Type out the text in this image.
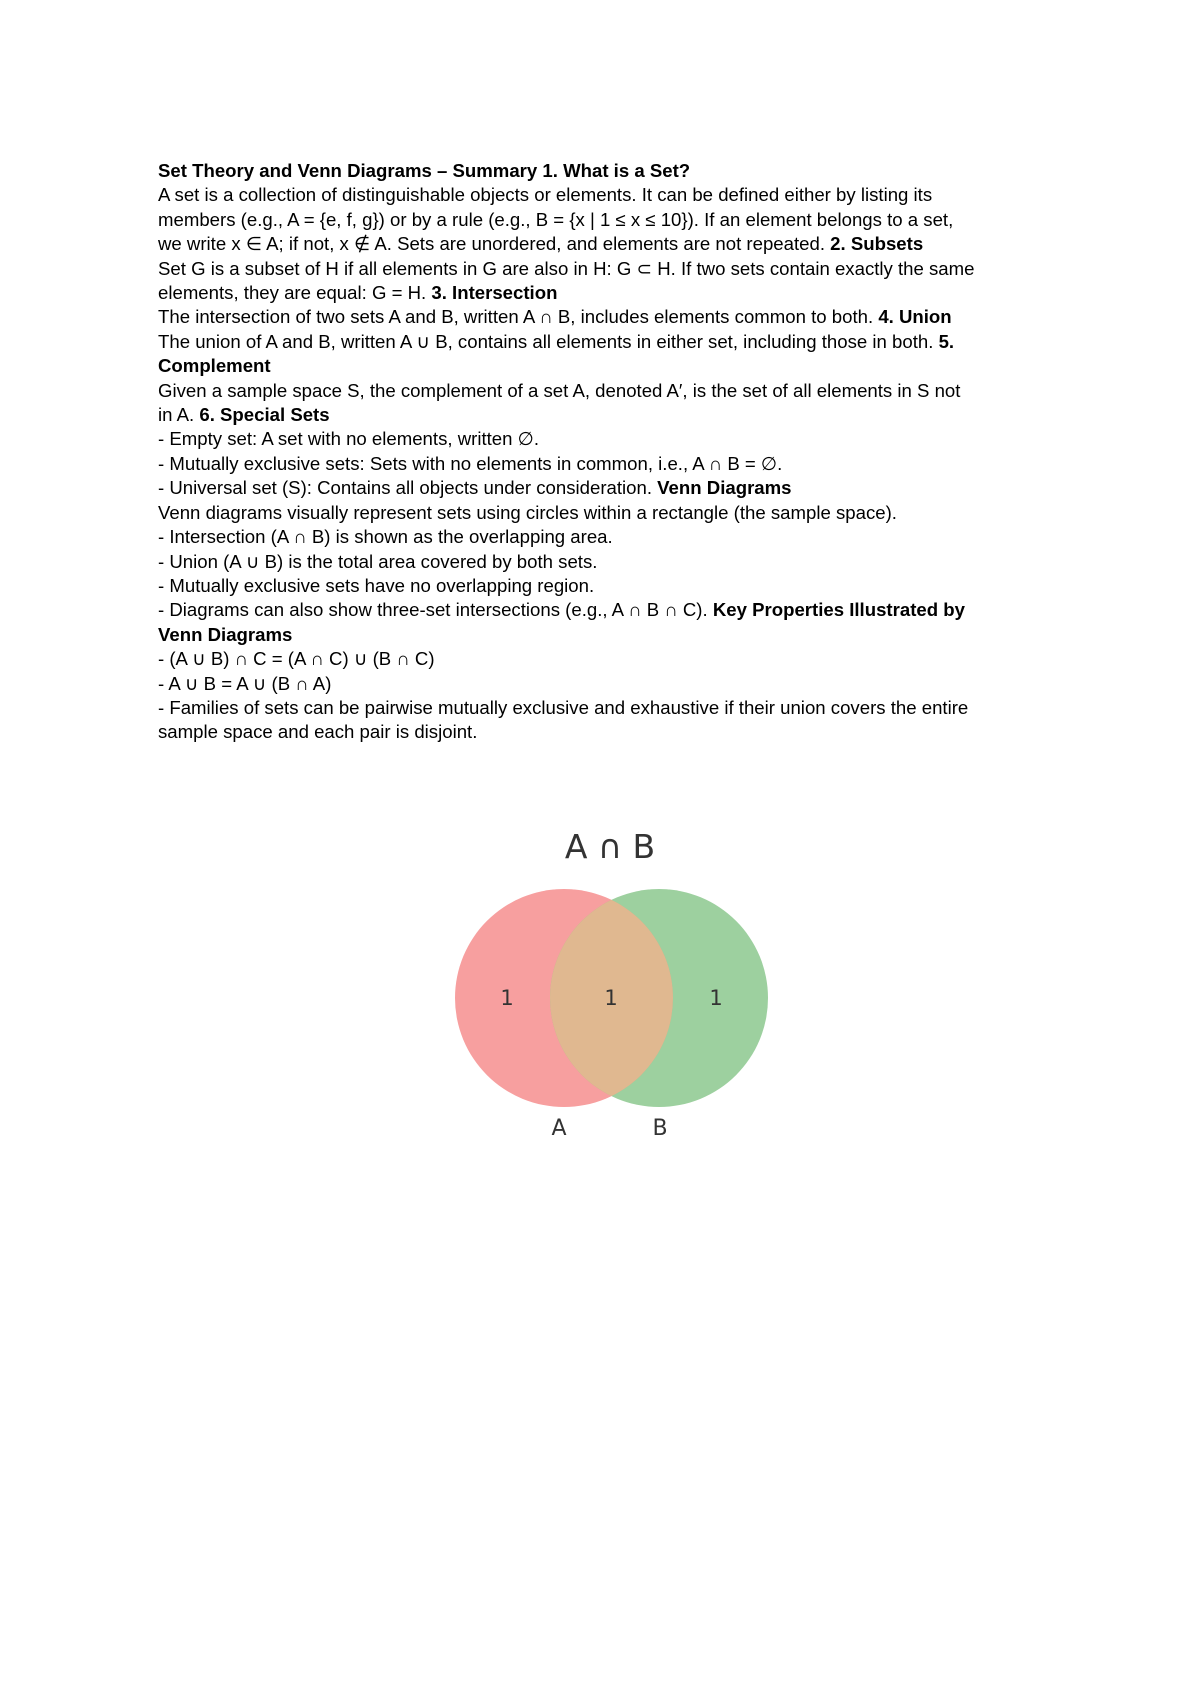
Set Theory and Venn Diagrams – Summary 1. What is a Set?

A set is a collection of distinguishable objects or elements. It can be defined either by listing its

members (e.g., A = {e, f, g}) or by a rule (e.g., B = {x | 1 ≤ x ≤ 10}). If an element belongs to a set,

we write x ∈ A; if not, x ∉ A. Sets are unordered, and elements are not repeated. 2. Subsets

Set G is a subset of H if all elements in G are also in H: G ⊂ H. If two sets contain exactly the same

elements, they are equal: G = H. 3. Intersection

The intersection of two sets A and B, written A ∩ B, includes elements common to both. 4. Union

The union of A and B, written A ∪ B, contains all elements in either set, including those in both. 5.

Complement

Given a sample space S, the complement of a set A, denoted A′, is the set of all elements in S not

in A. 6. Special Sets

- Empty set: A set with no elements, written ∅.

- Mutually exclusive sets: Sets with no elements in common, i.e., A ∩ B = ∅.

- Universal set (S): Contains all objects under consideration. Venn Diagrams

Venn diagrams visually represent sets using circles within a rectangle (the sample space).

- Intersection (A ∩ B) is shown as the overlapping area.

- Union (A ∪ B) is the total area covered by both sets.

- Mutually exclusive sets have no overlapping region.

- Diagrams can also show three-set intersections (e.g., A ∩ B ∩ C). Key Properties Illustrated by

Venn Diagrams

- (A ∪ B) ∩ C = (A ∩ C) ∪ (B ∩ C)

- A ∪ B = A ∪ (B ∩ A)

- Families of sets can be pairwise mutually exclusive and exhaustive if their union covers the entire

sample space and each pair is disjoint.

A ∩ B
1	1	1
A	B
